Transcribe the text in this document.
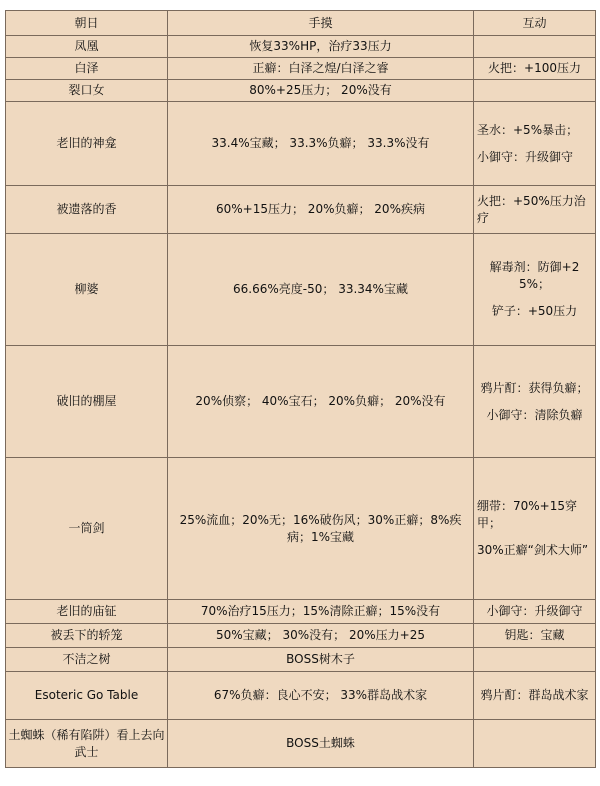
朝日	手摸	互动
凤凰	恢复33%HP，治疗33压力	
白泽	正癖：白泽之煌/白泽之睿	火把：+100压力

裂口女	80%+25压力； 20%没有	
老旧的神龛	33.4%宝藏； 33.3%负癖； 33.3%没有	圣水：+5%暴击；
小御守：升级御守

被遗落的香	60%+15压力； 20%负癖； 20%疾病	火把：+50%压力治疗

柳婆	66.66%亮度-50； 33.34%宝藏	解毒剂：防御+25%；
铲子：+50压力

破旧的棚屋	20%侦察； 40%宝石； 20%负癖； 20%没有	鸦片酊：获得负癖；
小御守：清除负癖

一筒剑	25%流血；20%无；16%破伤风；30%正癖；8%疾病；1%宝藏	绷带：70%+15穿甲；
30%正癖“剑术大师”

老旧的庙钲	70%治疗15压力；15%清除正癖；15%没有	小御守：升级御守

被丢下的轿笼	50%宝藏； 30%没有； 20%压力+25	钥匙：宝藏

不洁之树	BOSS树木子	
Esoteric Go Table	67%负癖：良心不安； 33%群岛战术家	鸦片酊：群岛战术家

土蜘蛛（稀有陷阱）看上去向武士	BOSS土蜘蛛	
